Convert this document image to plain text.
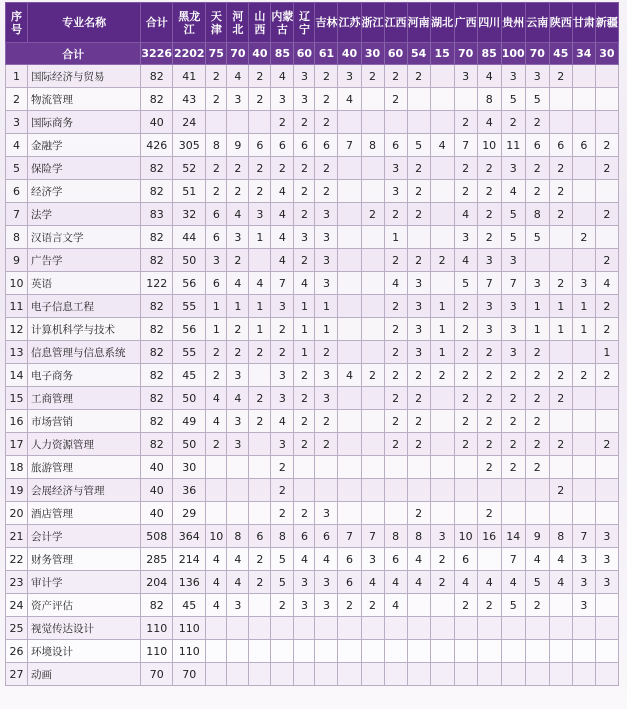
序号	专业名称	合计	黑龙江	天津	河北	山西	内蒙古	辽宁	吉林	江苏	浙江	江西	河南	湖北	广西	四川	贵州	云南	陕西	甘肃	新疆
合计		3226	2202	75	70	40	85	60	61	40	30	60	54	15	70	85	100	70	45	34	30
1	国际经济与贸易	82	41	2	4	2	4	3	2	3	2	2	2		3	4	3	3	2		
2	物流管理	82	43	2	3	2	3	3	2	4		2				8	5	5			
3	国际商务	40	24				2	2	2						2	4	2	2			
4	金融学	426	305	8	9	6	6	6	6	7	8	6	5	4	7	10	11	6	6	6	2
5	保险学	82	52	2	2	2	2	2	2			3	2		2	2	3	2	2		2
6	经济学	82	51	2	2	2	4	2	2			3	2		2	2	4	2	2		
7	法学	83	32	6	4	3	4	2	3		2	2	2		4	2	5	8	2		2
8	汉语言文学	82	44	6	3	1	4	3	3			1			3	2	5	5		2	
9	广告学	82	50	3	2		4	2	3			2	2	2	4	3	3				2
10	英语	122	56	6	4	4	7	4	3			4	3		5	7	7	3	2	3	4
11	电子信息工程	82	55	1	1	1	3	1	1			2	3	1	2	3	3	1	1	1	2
12	计算机科学与技术	82	56	1	2	1	2	1	1			2	3	1	2	3	3	1	1	1	2
13	信息管理与信息系统	82	55	2	2	2	2	1	2			2	3	1	2	2	3	2			1
14	电子商务	82	45	2	3		3	2	3	4	2	2	2	2	2	2	2	2	2	2	2
15	工商管理	82	50	4	4	2	3	2	3			2	2		2	2	2	2	2		
16	市场营销	82	49	4	3	2	4	2	2			2	2		2	2	2	2			
17	人力资源管理	82	50	2	3		3	2	2			2	2		2	2	2	2	2		2
18	旅游管理	40	30				2									2	2	2			
19	会展经济与管理	40	36				2												2		
20	酒店管理	40	29				2	2	3				2			2					
21	会计学	508	364	10	8	6	8	6	6	7	7	8	8	3	10	16	14	9	8	7	3
22	财务管理	285	214	4	4	2	5	4	4	6	3	6	4	2	6		7	4	4	3	3
23	审计学	204	136	4	4	2	5	3	3	6	4	4	4	2	4	4	4	5	4	3	3
24	资产评估	82	45	4	3		2	3	3	2	2	4			2	2	5	2		3	
25	视觉传达设计	110	110																		
26	环境设计	110	110																		
27	动画	70	70																		
